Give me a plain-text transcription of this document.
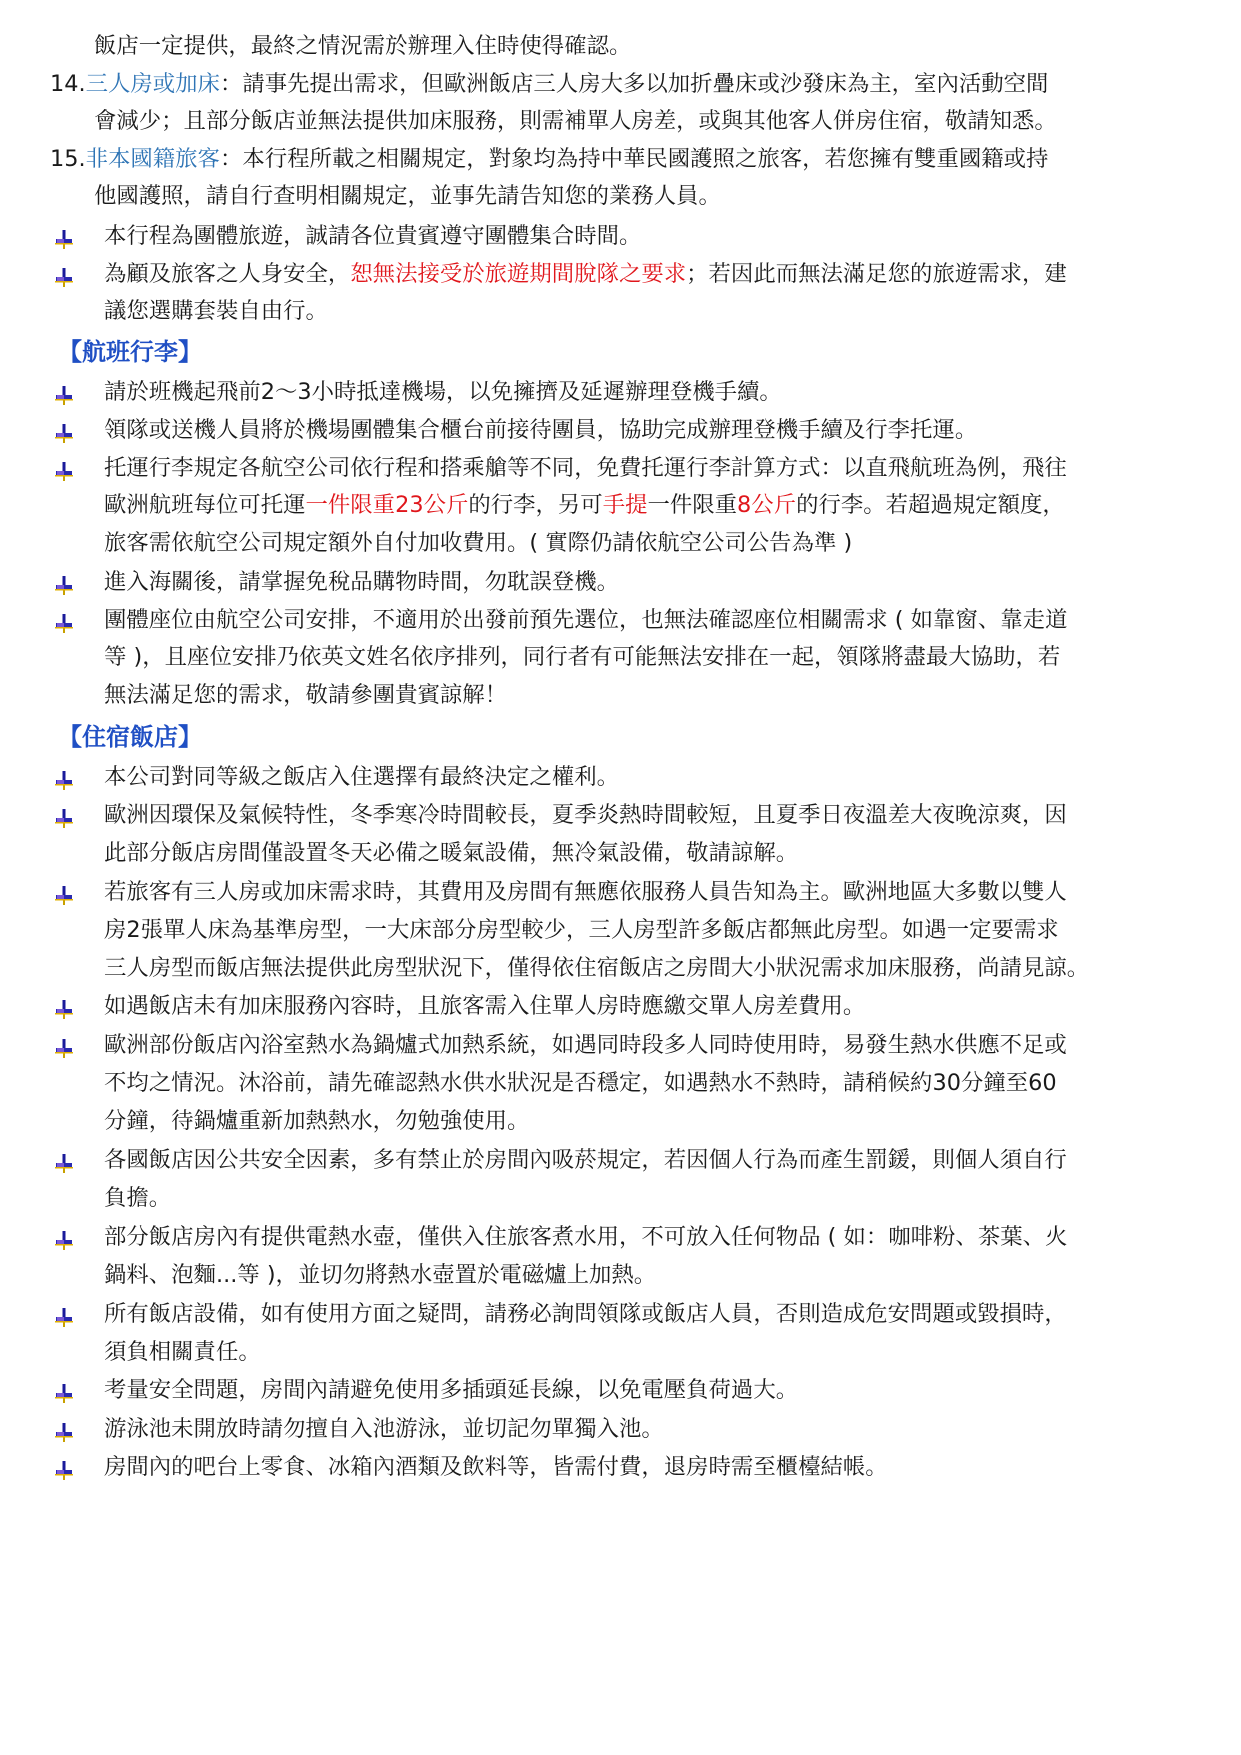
飯店一定提供，最終之情況需於辦理入住時使得確認。
14.三人房或加床：請事先提出需求，但歐洲飯店三人房大多以加折疊床或沙發床為主，室內活動空間
會減少；且部分飯店並無法提供加床服務，則需補單人房差，或與其他客人併房住宿，敬請知悉。
15.非本國籍旅客：本行程所載之相關規定，對象均為持中華民國護照之旅客，若您擁有雙重國籍或持
他國護照，請自行查明相關規定，並事先請告知您的業務人員。
本行程為團體旅遊，誠請各位貴賓遵守團體集合時間。
為顧及旅客之人身安全，恕無法接受於旅遊期間脫隊之要求；若因此而無法滿足您的旅遊需求，建
議您選購套裝自由行。
【航班行李】
請於班機起飛前2～3小時抵達機場，以免擁擠及延遲辦理登機手續。
領隊或送機人員將於機場團體集合櫃台前接待團員，協助完成辦理登機手續及行李托運。
托運行李規定各航空公司依行程和搭乘艙等不同，免費托運行李計算方式：以直飛航班為例，飛往
歐洲航班每位可托運一件限重23公斤的行李，另可手提一件限重8公斤的行李。若超過規定額度，
旅客需依航空公司規定額外自付加收費用。( 實際仍請依航空公司公告為準 )
進入海關後，請掌握免稅品購物時間，勿耽誤登機。
團體座位由航空公司安排，不適用於出發前預先選位，也無法確認座位相關需求 ( 如靠窗、靠走道
等 )，且座位安排乃依英文姓名依序排列，同行者有可能無法安排在一起，領隊將盡最大協助，若
無法滿足您的需求，敬請參團貴賓諒解！
【住宿飯店】
本公司對同等級之飯店入住選擇有最終決定之權利。
歐洲因環保及氣候特性，冬季寒冷時間較長，夏季炎熱時間較短，且夏季日夜溫差大夜晚涼爽，因
此部分飯店房間僅設置冬天必備之暖氣設備，無冷氣設備，敬請諒解。
若旅客有三人房或加床需求時，其費用及房間有無應依服務人員告知為主。歐洲地區大多數以雙人
房2張單人床為基準房型，一大床部分房型較少，三人房型許多飯店都無此房型。如遇一定要需求
三人房型而飯店無法提供此房型狀況下，僅得依住宿飯店之房間大小狀況需求加床服務，尚請見諒。
如遇飯店未有加床服務內容時，且旅客需入住單人房時應繳交單人房差費用。
歐洲部份飯店內浴室熱水為鍋爐式加熱系統，如遇同時段多人同時使用時，易發生熱水供應不足或
不均之情況。沐浴前，請先確認熱水供水狀況是否穩定，如遇熱水不熱時，請稍候約30分鐘至60
分鐘，待鍋爐重新加熱熱水，勿勉強使用。
各國飯店因公共安全因素，多有禁止於房間內吸菸規定，若因個人行為而產生罰鍰，則個人須自行
負擔。
部分飯店房內有提供電熱水壺，僅供入住旅客煮水用，不可放入任何物品 ( 如：咖啡粉、茶葉、火
鍋料、泡麵...等 )，並切勿將熱水壺置於電磁爐上加熱。
所有飯店設備，如有使用方面之疑問，請務必詢問領隊或飯店人員，否則造成危安問題或毀損時，
須負相關責任。
考量安全問題，房間內請避免使用多插頭延長線，以免電壓負荷過大。
游泳池未開放時請勿擅自入池游泳，並切記勿單獨入池。
房間內的吧台上零食、冰箱內酒類及飲料等，皆需付費，退房時需至櫃檯結帳。
